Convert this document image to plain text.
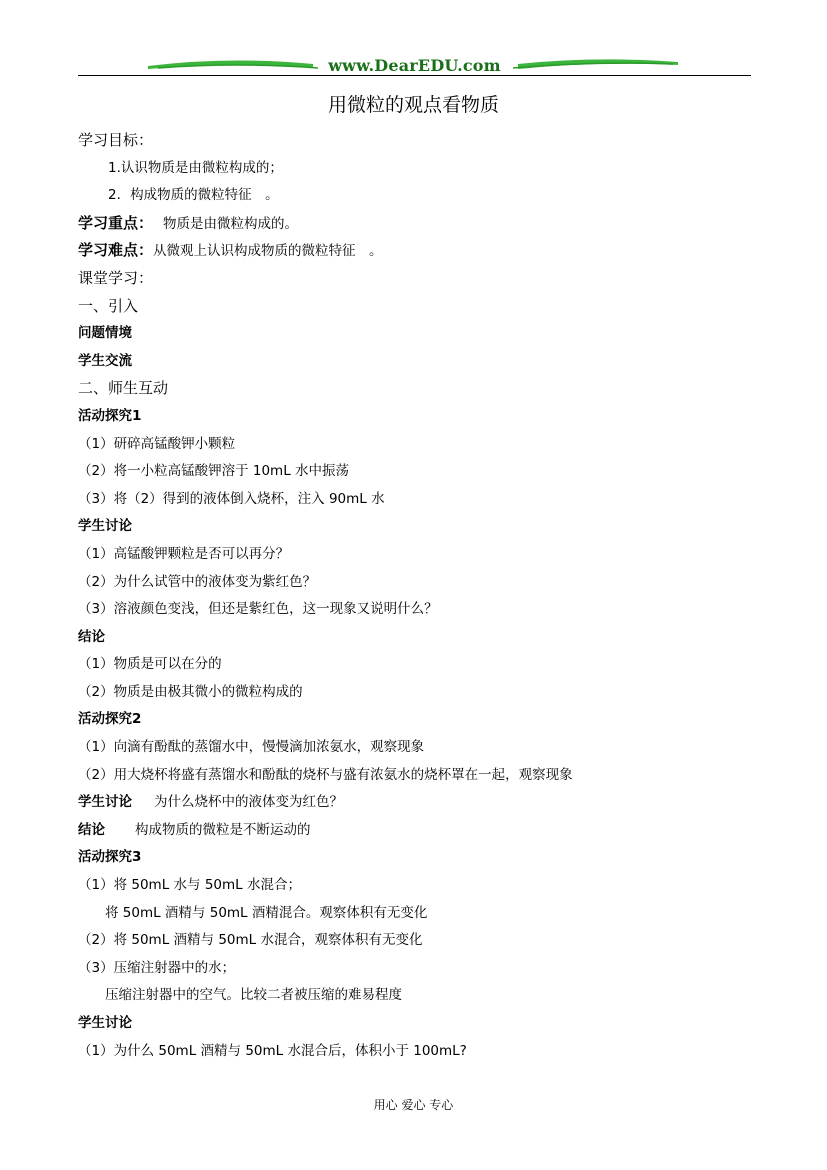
www.DearEDU.com
用微粒的观点看物质
学习目标：
1.认识物质是由微粒构成的；
2．构成物质的微粒特征　。
学习重点： 物质是由微粒构成的。
学习难点：从微观上认识构成物质的微粒特征　。
课堂学习：
一、引入
问题情境
学生交流
二、师生互动
活动探究1
（1）研碎高锰酸钾小颗粒
（2）将一小粒高锰酸钾溶于 10mL 水中振荡
（3）将（2）得到的液体倒入烧杯，注入 90mL 水
学生讨论
（1）高锰酸钾颗粒是否可以再分？
（2）为什么试管中的液体变为紫红色？
（3）溶液颜色变浅，但还是紫红色，这一现象又说明什么？
结论
（1）物质是可以在分的
（2）物质是由极其微小的微粒构成的
活动探究2
（1）向滴有酚酞的蒸馏水中，慢慢滴加浓氨水，观察现象
（2）用大烧杯将盛有蒸馏水和酚酞的烧杯与盛有浓氨水的烧杯罩在一起，观察现象
学生讨论 为什么烧杯中的液体变为红色？
结论 构成物质的微粒是不断运动的
活动探究3
（1）将 50mL 水与 50mL 水混合；
将 50mL 酒精与 50mL 酒精混合。观察体积有无变化
（2）将 50mL 酒精与 50mL 水混合，观察体积有无变化
（3）压缩注射器中的水；
压缩注射器中的空气。比较二者被压缩的难易程度
学生讨论
（1）为什么 50mL 酒精与 50mL 水混合后，体积小于 100mL?
用心 爱心 专心
